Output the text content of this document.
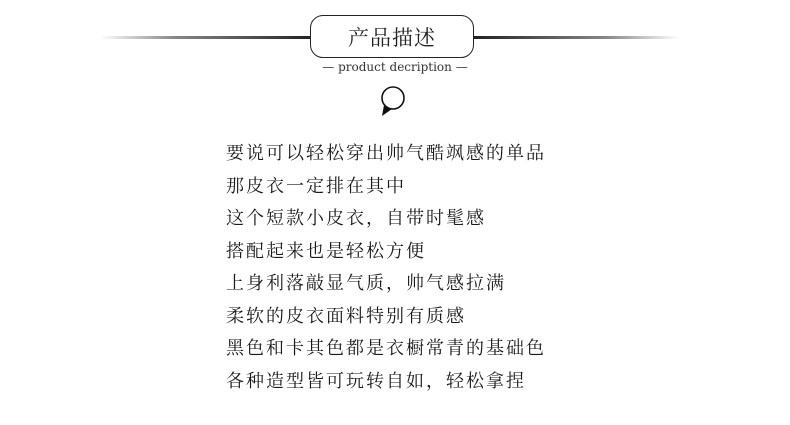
产品描述
— product decription —
要说可以轻松穿出帅气酷飒感的单品
那皮衣一定排在其中
这个短款小皮衣，自带时髦感
搭配起来也是轻松方便
上身利落敲显气质，帅气感拉满
柔软的皮衣面料特别有质感
黑色和卡其色都是衣橱常青的基础色
各种造型皆可玩转自如，轻松拿捏
